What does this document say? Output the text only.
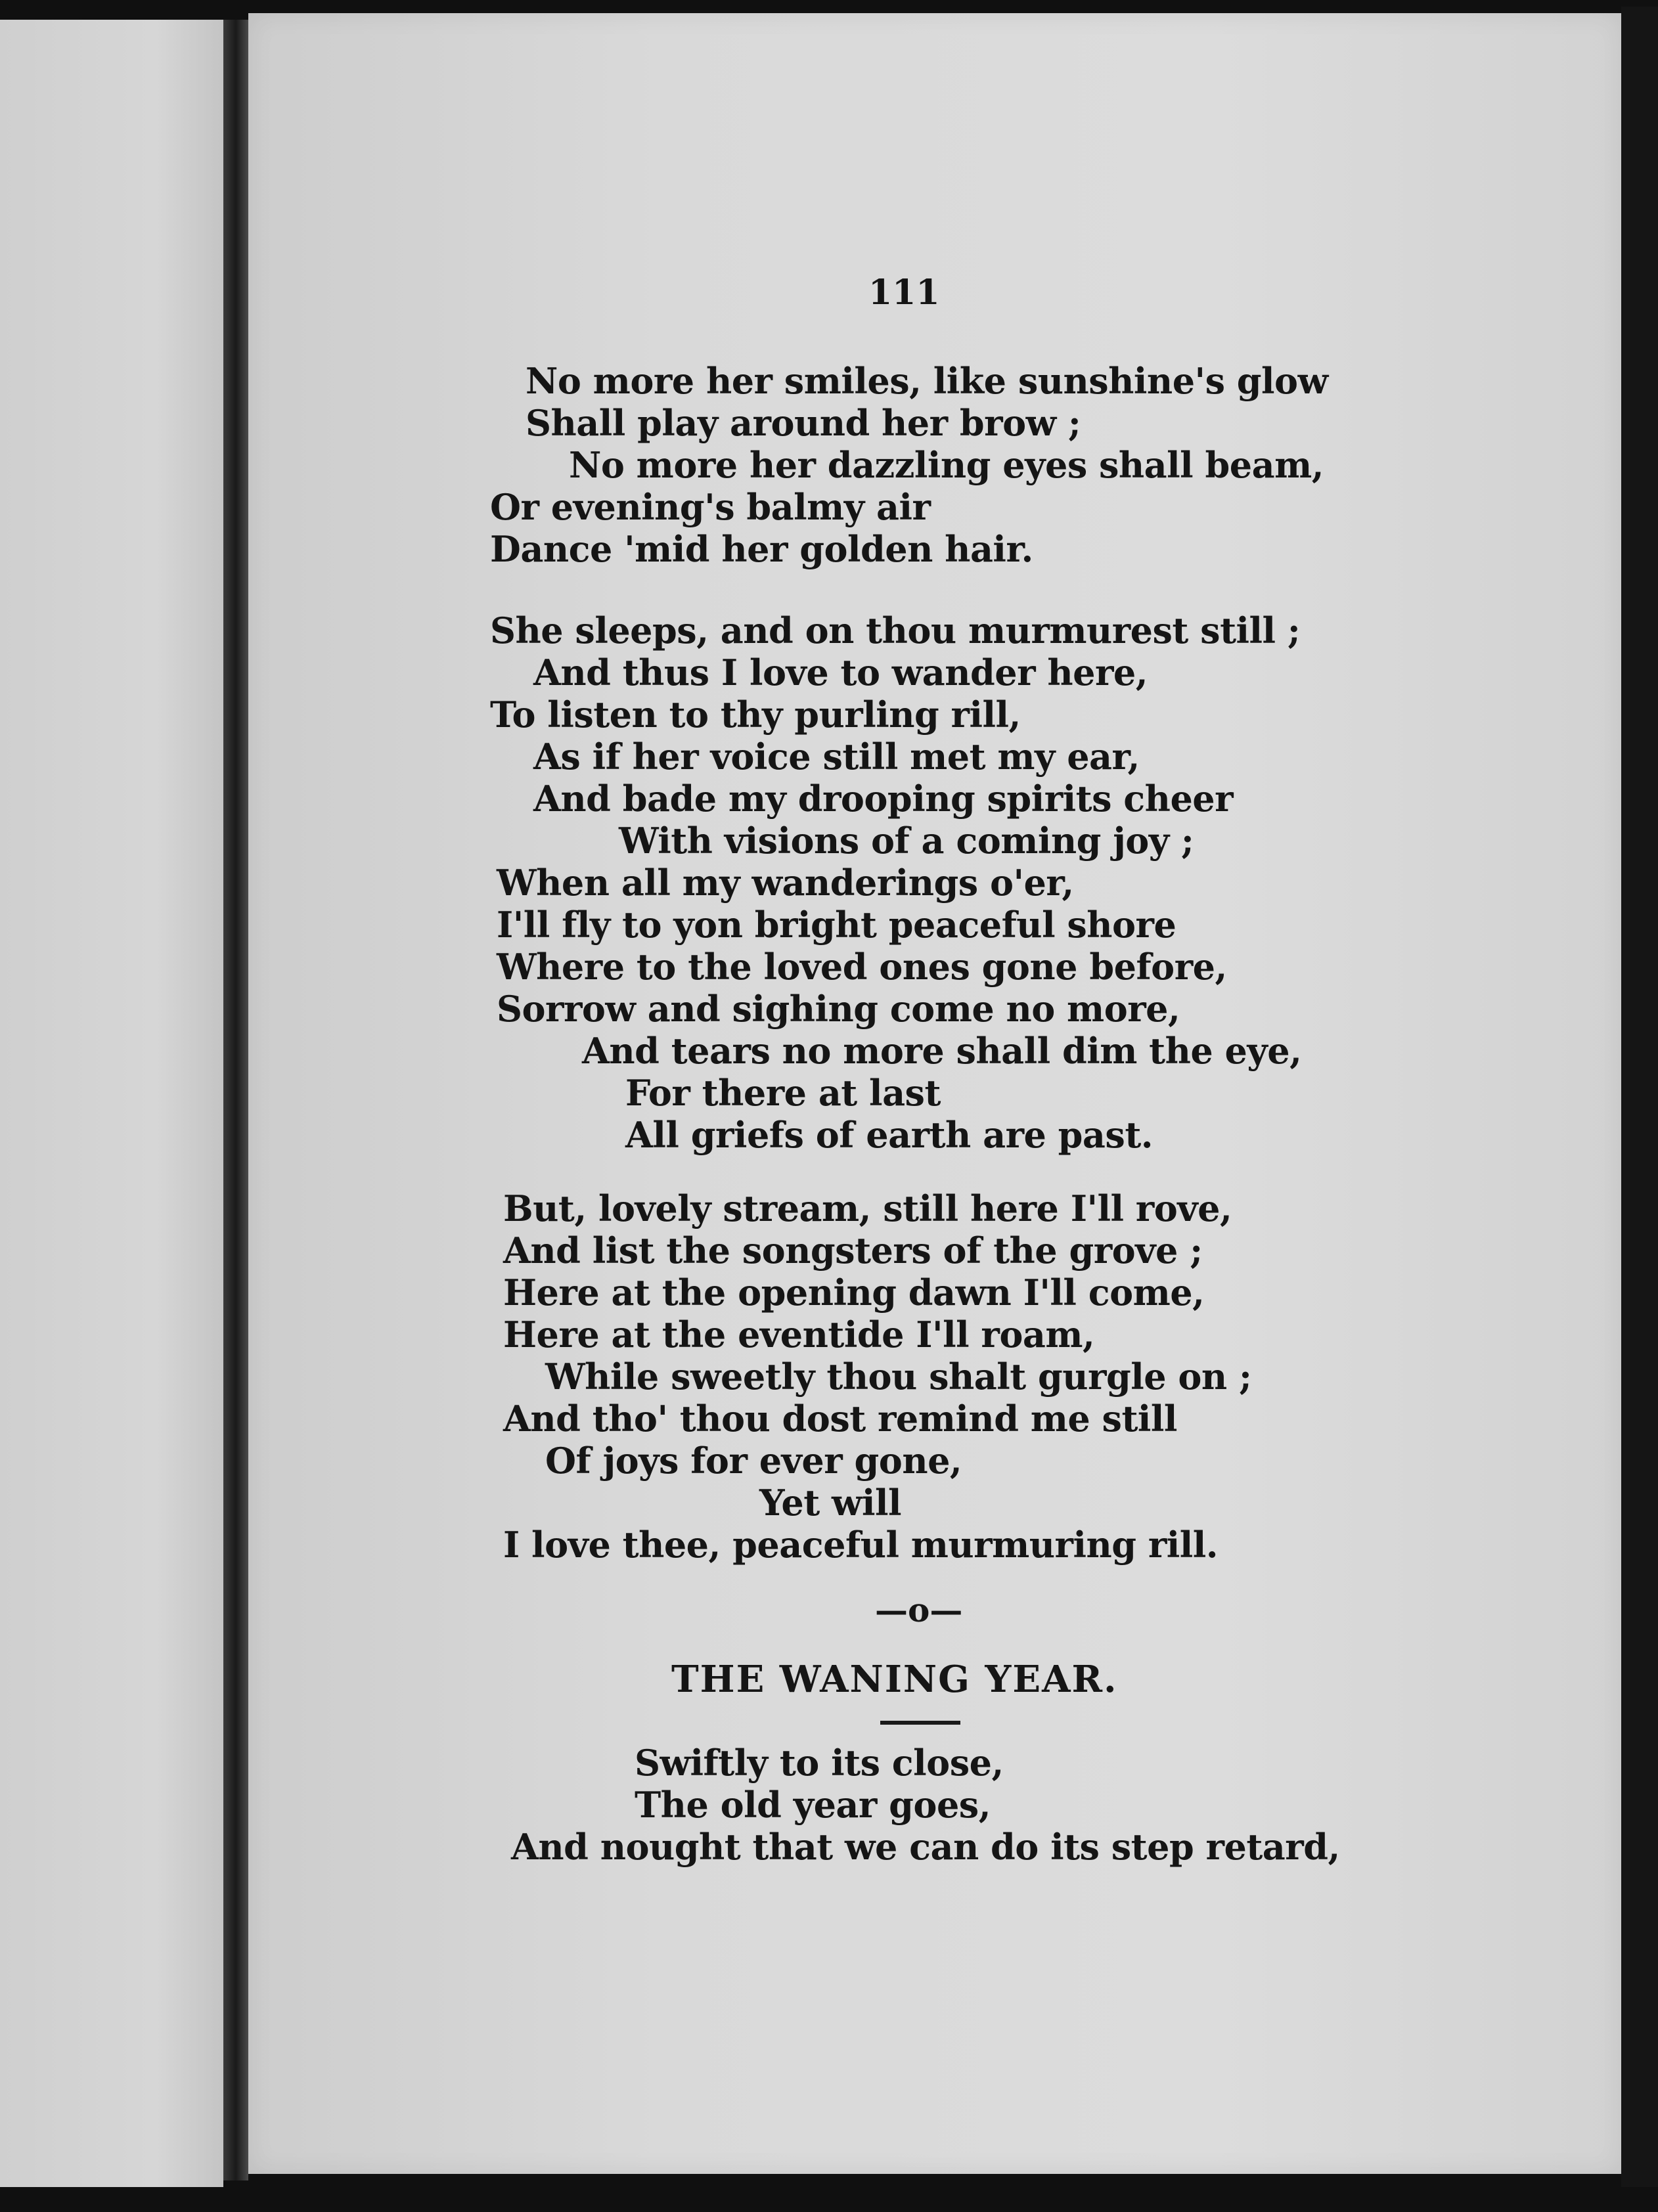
111
No more her smiles, like sunshine's glow
Shall play around her brow ;
No more her dazzling eyes shall beam,
Or evening's balmy air
Dance 'mid her golden hair.
She sleeps, and on thou murmurest still ;
And thus I love to wander here,
To listen to thy purling rill,
As if her voice still met my ear,
And bade my drooping spirits cheer
With visions of a coming joy ;
When all my wanderings o'er,
I'll fly to yon bright peaceful shore
Where to the loved ones gone before,
Sorrow and sighing come no more,
And tears no more shall dim the eye,
For there at last
All griefs of earth are past.
But, lovely stream, still here I'll rove,
And list the songsters of the grove ;
Here at the opening dawn I'll come,
Here at the eventide I'll roam,
While sweetly thou shalt gurgle on ;
And tho' thou dost remind me still
Of joys for ever gone,
Yet will
I love thee, peaceful murmuring rill.
—o—
THE WANING YEAR.
Swiftly to its close,
The old year goes,
And nought that we can do its step retard,
